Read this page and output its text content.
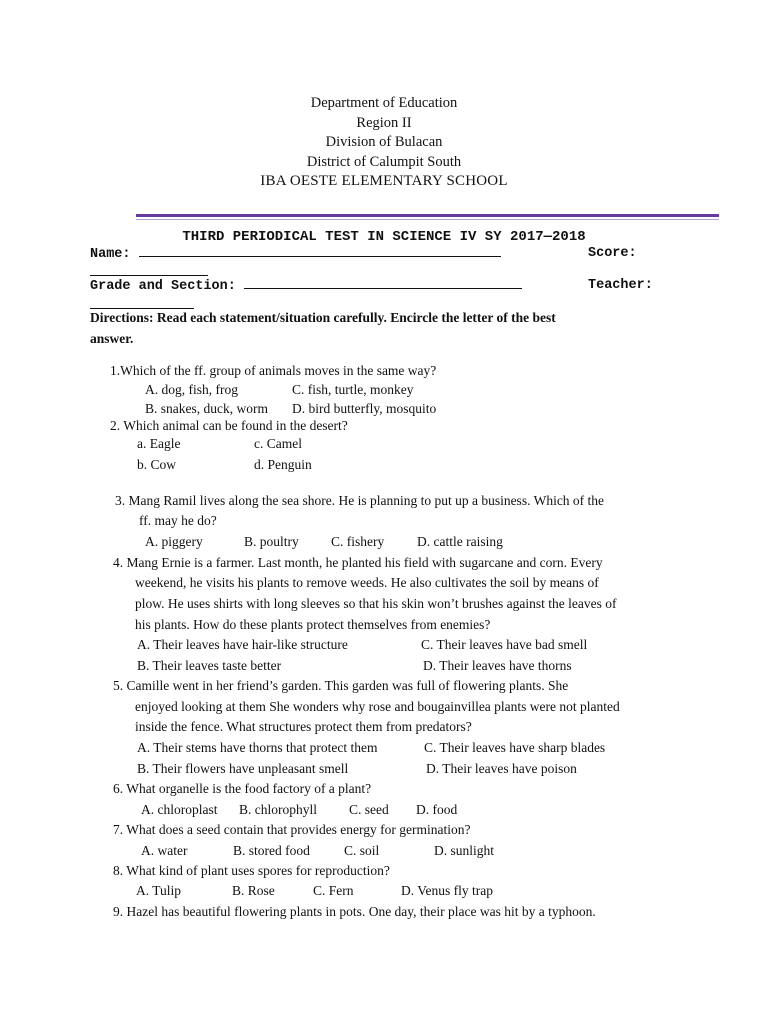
Department of Education
Region II
Division of Bulacan
District of Calumpit South
IBA OESTE ELEMENTARY SCHOOL
THIRD PERIODICAL TEST IN SCIENCE IV SY 2017—2018
Name:	Score:
Grade and Section:	Teacher:
Directions: Read each statement/situation carefully. Encircle the letter of the best
answer.
1.Which of the ff. group of animals moves in the same way?
A. dog, fish, frog	C. fish, turtle, monkey
B. snakes, duck, worm D. bird butterfly, mosquito
2. Which animal can be found in the desert?
a. Eagle	c. Camel
b. Cow	d. Penguin
3. Mang Ramil lives along the sea shore. He is planning to put up a business. Which of the
ff. may he do?
A. piggery	B. poultry C. fishery D. cattle raising
4. Mang Ernie is a farmer. Last month, he planted his field with sugarcane and corn. Every
weekend, he visits his plants to remove weeds. He also cultivates the soil by means of
plow. He uses shirts with long sleeves so that his skin won’t brushes against the leaves of
his plants. How do these plants protect themselves from enemies?
A. Their leaves have hair-like structure	C. Their leaves have bad smell
B. Their leaves taste better	D. Their leaves have thorns
5. Camille went in her friend’s garden. This garden was full of flowering plants. She
enjoyed looking at them She wonders why rose and bougainvillea plants were not planted
inside the fence. What structures protect them from predators?
A. Their stems have thorns that protect them	C. Their leaves have sharp blades
B. Their flowers have unpleasant smell	D. Their leaves have poison
6. What organelle is the food factory of a plant?
A. chloroplast B. chlorophyll C. seed D. food
7. What does a seed contain that provides energy for germination?
A. water	B. stored food	C. soil	D. sunlight
8. What kind of plant uses spores for reproduction?
A. Tulip	B. Rose	C. Fern	D. Venus fly trap
9. Hazel has beautiful flowering plants in pots. One day, their place was hit by a typhoon.
